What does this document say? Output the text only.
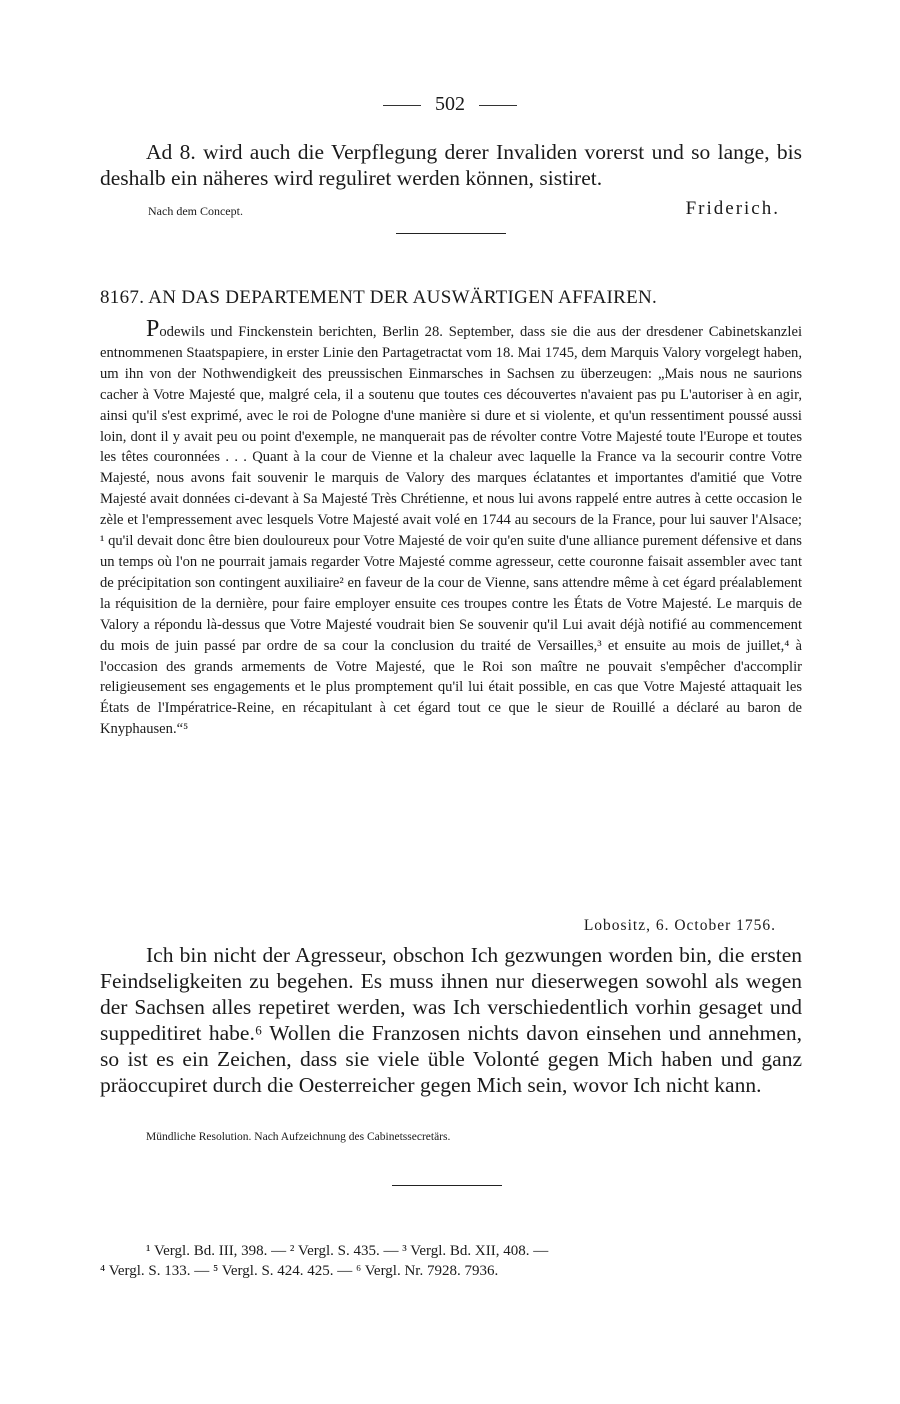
502
Ad 8. wird auch die Verpflegung derer Invaliden vorerst und so lange, bis deshalb ein näheres wird reguliret werden können, sistiret.
Nach dem Concept.	Friderich.
8167. AN DAS DEPARTEMENT DER AUSWÄRTIGEN AFFAIREN.
Podewils und Finckenstein berichten, Berlin 28. September, dass sie die aus der dresdener Cabinetskanzlei entnommenen Staatspapiere, in erster Linie den Partagetractat vom 18. Mai 1745, dem Marquis Valory vorgelegt haben, um ihn von der Nothwendigkeit des preussischen Einmarsches in Sachsen zu überzeugen: „Mais nous ne saurions cacher à Votre Majesté que, malgré cela, il a soutenu que toutes ces découvertes n'avaient pas pu L'autoriser à en agir, ainsi qu'il s'est exprimé, avec le roi de Pologne d'une manière si dure et si violente, et qu'un ressentiment poussé aussi loin, dont il y avait peu ou point d'exemple, ne manquerait pas de révolter contre Votre Majesté toute l'Europe et toutes les têtes couronnées . . . Quant à la cour de Vienne et la chaleur avec laquelle la France va la secourir contre Votre Majesté, nous avons fait souvenir le marquis de Valory des marques éclatantes et importantes d'amitié que Votre Majesté avait données ci-devant à Sa Majesté Très Chrétienne, et nous lui avons rappelé entre autres à cette occasion le zèle et l'empressement avec lesquels Votre Majesté avait volé en 1744 au secours de la France, pour lui sauver l'Alsace; ¹ qu'il devait donc être bien douloureux pour Votre Majesté de voir qu'en suite d'une alliance purement défensive et dans un temps où l'on ne pourrait jamais regarder Votre Majesté comme agresseur, cette couronne faisait assembler avec tant de précipitation son contingent auxiliaire² en faveur de la cour de Vienne, sans attendre même à cet égard préalablement la réquisition de la dernière, pour faire employer ensuite ces troupes contre les États de Votre Majesté. Le marquis de Valory a répondu là-dessus que Votre Majesté voudrait bien Se souvenir qu'il Lui avait déjà notifié au commencement du mois de juin passé par ordre de sa cour la conclusion du traité de Versailles,³ et ensuite au mois de juillet,⁴ à l'occasion des grands armements de Votre Majesté, que le Roi son maître ne pouvait s'empêcher d'accomplir religieusement ses engagements et le plus promptement qu'il lui était possible, en cas que Votre Majesté attaquait les États de l'Impératrice-Reine, en récapitulant à cet égard tout ce que le sieur de Rouillé a déclaré au baron de Knyphausen.“⁵
Lobositz, 6. October 1756.
Ich bin nicht der Agresseur, obschon Ich gezwungen worden bin, die ersten Feindseligkeiten zu begehen. Es muss ihnen nur dieserwegen sowohl als wegen der Sachsen alles repetiret werden, was Ich verschiedentlich vorhin gesaget und suppeditiret habe.⁶ Wollen die Franzosen nichts davon einsehen und annehmen, so ist es ein Zeichen, dass sie viele üble Volonté gegen Mich haben und ganz präoccupiret durch die Oesterreicher gegen Mich sein, wovor Ich nicht kann.
Mündliche Resolution. Nach Aufzeichnung des Cabinetssecretärs.
¹ Vergl. Bd. III, 398. — ² Vergl. S. 435. — ³ Vergl. Bd. XII, 408. —
⁴ Vergl. S. 133. — ⁵ Vergl. S. 424. 425. — ⁶ Vergl. Nr. 7928. 7936.
